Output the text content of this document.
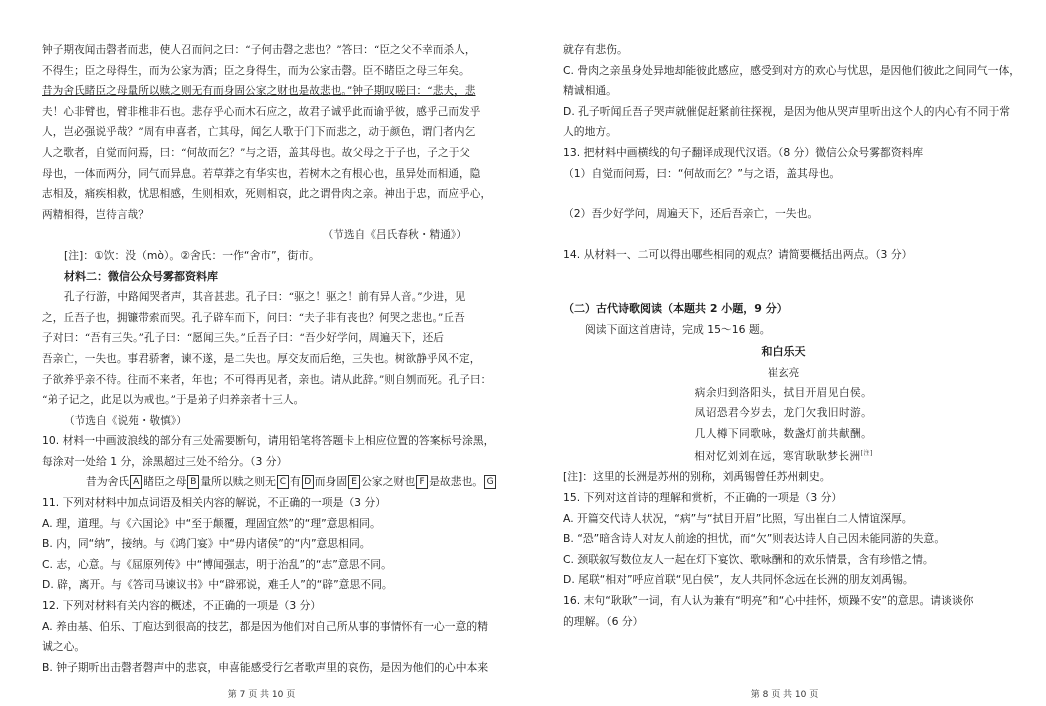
钟子期夜闻击磬者而悲，使人召而问之曰：“子何击磬之悲也？”答曰：“臣之父不幸而杀人，
不得生；臣之母得生，而为公家为酒；臣之身得生，而为公家击磬。臣不睹臣之母三年矣。
昔为舍氏睹臣之母量所以赎之则无有而身固公家之财也是故悲也。”钟子期叹嗟曰：“悲夫，悲
夫！心非臂也，臂非椎非石也。悲存乎心而木石应之，故君子诚乎此而谕乎彼，感乎己而发乎
人，岂必强说乎哉？”周有申喜者，亡其母，闻乞人歌于门下而悲之，动于颜色，谓门者内乞
人之歌者，自觉而问焉，曰：“何故而乞？”与之语，盖其母也。故父母之于子也，子之于父
母也，一体而两分，同气而异息。若草莽之有华实也，若树木之有根心也，虽异处而相通，隐
志相及，痛疾相救，忧思相感，生则相欢，死则相哀，此之谓骨肉之亲。神出于忠，而应乎心，
两精相得，岂待言哉？
（节选自《吕氏春秋・精通》）
[注]：①饮：没（mò）。②舍氏：一作“舍市”，街市。
材料二：微信公众号雾都资料库
孔子行游，中路闻哭者声，其音甚悲。孔子曰：“驱之！驱之！前有异人音。”少进，见
之，丘吾子也，拥镰带索而哭。孔子辟车而下，问曰：“夫子非有丧也？何哭之悲也。”丘吾
子对曰：“吾有三失。”孔子曰：“愿闻三失。”丘吾子曰：“吾少好学问，周遍天下，还后
吾亲亡，一失也。事君骄奢，谏不遂，是二失也。厚交友而后绝，三失也。树欲静乎风不定，
子欲养乎亲不待。往而不来者，年也；不可得再见者，亲也。请从此辞。”则自刎而死。孔子曰：
“弟子记之，此足以为戒也。”于是弟子归养亲者十三人。
（节选自《说苑・敬慎》）
10. 材料一中画波浪线的部分有三处需要断句，请用铅笔将答题卡上相应位置的答案标号涂黑，
每涂对一处给 1 分，涂黑超过三处不给分。（3 分）
昔为舍氏 A 睹臣之母 B 量所以赎之则无 C 有 D 而身固 E 公家之财也 F 是故悲也。 G
11. 下列对材料中加点词语及相关内容的解说，不正确的一项是（3 分）
A. 理，道理。与《六国论》中“至于颠覆，理固宜然”的“理”意思相同。
B. 内，同“纳”，接纳。与《鸿门宴》中“毋内诸侯”的“内”意思相同。
C. 志，心意。与《屈原列传》中“博闻强志，明于治乱”的“志”意思不同。
D. 辟，离开。与《答司马谏议书》中“辟邪说，难壬人”的“辟”意思不同。
12. 下列对材料有关内容的概述，不正确的一项是（3 分）
A. 养由基、伯乐、丁庖达到很高的技艺，都是因为他们对自己所从事的事情怀有一心一意的精
诚之心。
B. 钟子期听出击磬者磬声中的悲哀，申喜能感受行乞者歌声里的哀伤，是因为他们的心中本来
第 7 页 共 10 页
就存有悲伤。
C. 骨肉之亲虽身处异地却能彼此感应，感受到对方的欢心与忧思，是因他们彼此之间同气一体，
精诚相通。
D. 孔子听闻丘吾子哭声就催促赶紧前往探视，是因为他从哭声里听出这个人的内心有不同于常
人的地方。
13. 把材料中画横线的句子翻译成现代汉语。（8 分）微信公众号雾都资料库
（1）自觉而问焉，曰：“何故而乞？”与之语，盖其母也。
（2）吾少好学问，周遍天下，还后吾亲亡，一失也。
14. 从材料一、二可以得出哪些相同的观点？请简要概括出两点。（3 分）
（二）古代诗歌阅读（本题共 2 小题，9 分）
阅读下面这首唐诗，完成 15～16 题。
和白乐天
崔玄亮
病余归到洛阳头，拭目开眉见白侯。
凤诏恐君今岁去，龙门欠我旧时游。
几人樽下同歌咏，数盏灯前共献酬。
相对忆刘刘在远，寒宵耿耿梦长洲[注]
[注]：这里的长洲是苏州的别称，刘禹锡曾任苏州刺史。
15. 下列对这首诗的理解和赏析，不正确的一项是（3 分）
A. 开篇交代诗人状况，“病”与“拭目开眉”比照，写出崔白二人情谊深厚。
B. “恐”暗含诗人对友人前途的担忧，而“欠”则表达诗人自己因未能同游的失意。
C. 颈联叙写数位友人一起在灯下宴饮、歌咏酬和的欢乐情景，含有珍惜之情。
D. 尾联“相对”呼应首联“见白侯”，友人共同怀念远在长洲的朋友刘禹锡。
16. 末句“耿耿”一词，有人认为兼有“明亮”和“心中挂怀，烦躁不安”的意思。请谈谈你
的理解。（6 分）
第 8 页 共 10 页
